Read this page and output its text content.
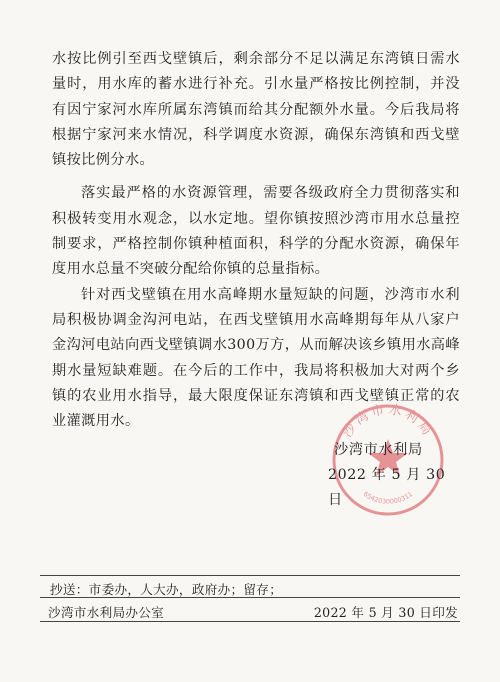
水按比例引至西戈壁镇后，剩余部分不足以满足东湾镇日需水量时，用水库的蓄水进行补充。引水量严格按比例控制，并没有因宁家河水库所属东湾镇而给其分配额外水量。今后我局将根据宁家河来水情况，科学调度水资源，确保东湾镇和西戈壁镇按比例分水。

落实最严格的水资源管理，需要各级政府全力贯彻落实和积极转变用水观念，以水定地。望你镇按照沙湾市用水总量控制要求，严格控制你镇种植面积，科学的分配水资源，确保年度用水总量不突破分配给你镇的总量指标。

针对西戈壁镇在用水高峰期水量短缺的问题，沙湾市水利局积极协调金沟河电站，在西戈壁镇用水高峰期每年从八家户金沟河电站向西戈壁镇调水300万方，从而解决该乡镇用水高峰期水量短缺难题。在今后的工作中，我局将积极加大对两个乡镇的农业用水指导，最大限度保证东湾镇和西戈壁镇正常的农业灌溉用水。	沙湾市水利局
6542030000311
沙湾市水利局
2022 年 5 月 30 日
抄送：市委办，人大办，政府办；留存；
沙湾市水利局办公室	2022 年 5 月 30 日印发
